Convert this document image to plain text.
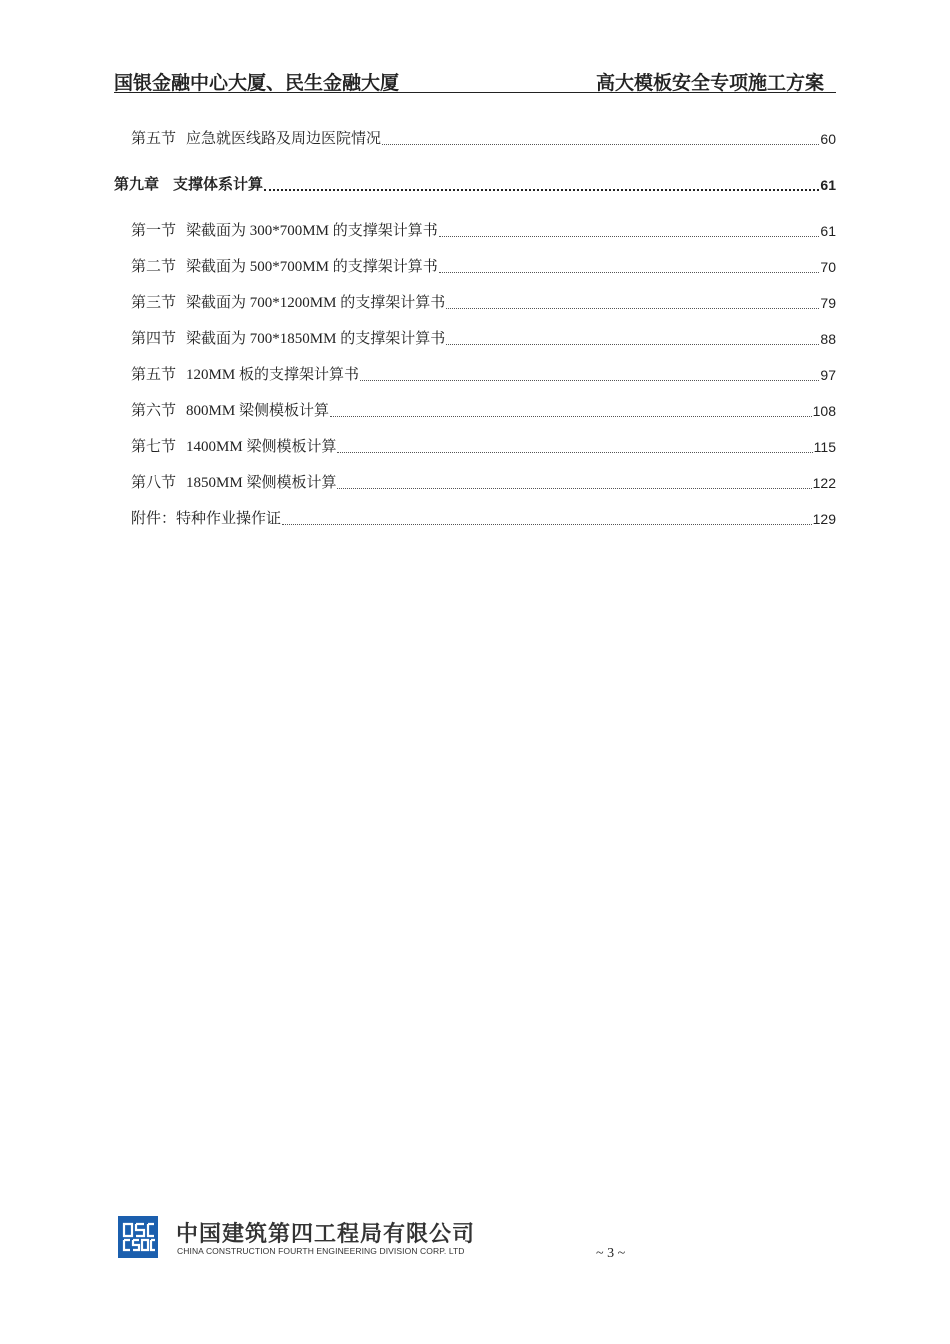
国银金融中心大厦、民生金融大厦	高大模板安全专项施工方案
第五节 应急就医线路及周边医院情况	60
第九章 支撑体系计算	61
第一节 梁截面为 300*700MM 的支撑架计算书	61
第二节 梁截面为 500*700MM 的支撑架计算书	70
第三节 梁截面为 700*1200MM 的支撑架计算书	79
第四节 梁截面为 700*1850MM 的支撑架计算书	88
第五节 120MM 板的支撑架计算书	97
第六节 800MM 梁侧模板计算	108
第七节 1400MM 梁侧模板计算	115
第八节 1850MM 梁侧模板计算	122
附件：特种作业操作证	129
中国建筑第四工程局有限公司
CHINA CONSTRUCTION FOURTH ENGINEERING DIVISION CORP. LTD	~ 3 ~
